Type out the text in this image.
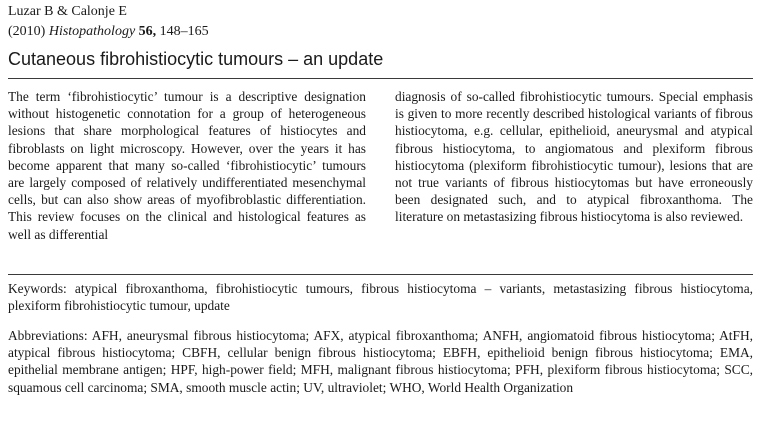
Luzar B & Calonje E
(2010) Histopathology 56, 148–165
Cutaneous fibrohistiocytic tumours – an update
The term ‘fibrohistiocytic’ tumour is a descriptive designation without histogenetic connotation for a group of heterogeneous lesions that share morphological features of histiocytes and fibroblasts on light microscopy. However, over the years it has become apparent that many so-called ‘fibrohistiocytic’ tumours are largely composed of relatively undifferentiated mesenchymal cells, but can also show areas of myofibroblastic differentiation. This review focuses on the clinical and histological features as well as differential
diagnosis of so-called fibrohistiocytic tumours. Special emphasis is given to more recently described histological variants of fibrous histiocytoma, e.g. cellular, epithelioid, aneurysmal and atypical fibrous histiocytoma, to angiomatous and plexiform fibrous histiocytoma (plexiform fibrohistiocytic tumour), lesions that are not true variants of fibrous histiocytomas but have erroneously been designated such, and to atypical fibroxanthoma. The literature on metastasizing fibrous histiocytoma is also reviewed.
Keywords: atypical fibroxanthoma, fibrohistiocytic tumours, fibrous histiocytoma – variants, metastasizing fibrous histiocytoma, plexiform fibrohistiocytic tumour, update
Abbreviations: AFH, aneurysmal fibrous histiocytoma; AFX, atypical fibroxanthoma; ANFH, angiomatoid fibrous histiocytoma; AtFH, atypical fibrous histiocytoma; CBFH, cellular benign fibrous histiocytoma; EBFH, epithelioid benign fibrous histiocytoma; EMA, epithelial membrane antigen; HPF, high-power field; MFH, malignant fibrous histiocytoma; PFH, plexiform fibrous histiocytoma; SCC, squamous cell carcinoma; SMA, smooth muscle actin; UV, ultraviolet; WHO, World Health Organization
